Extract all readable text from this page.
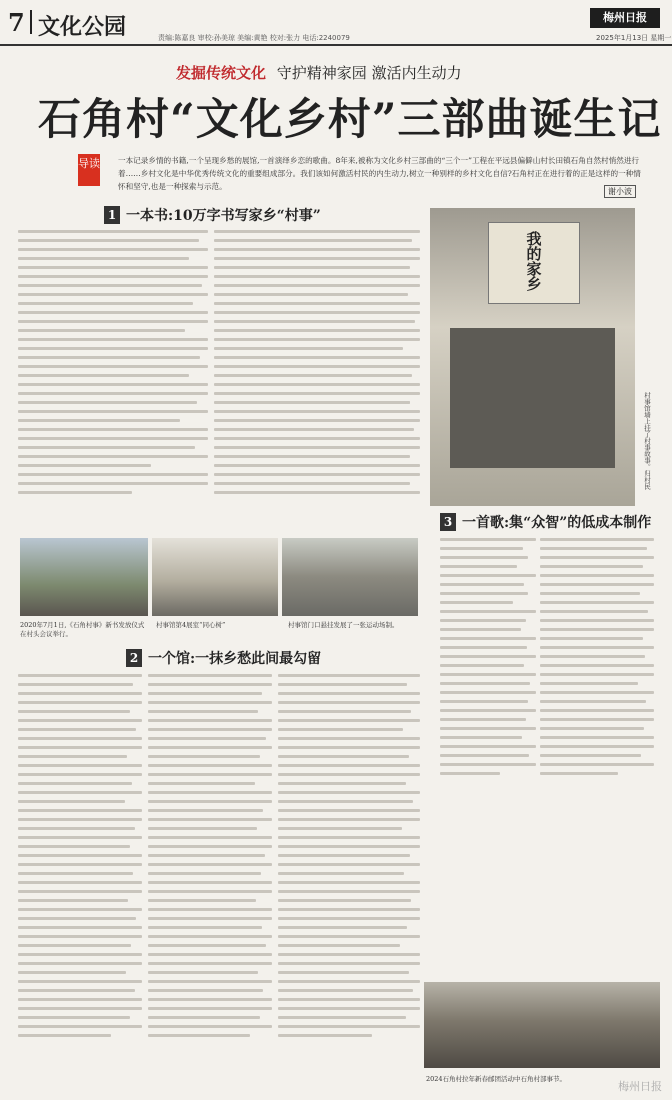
7 文化公园	责编:陈嘉良 审校:孙美琼 美编:黄艳 校对:张力 电话:2240079
梅州日报
2025年1月13日 星期一
发掘传统文化 守护精神家园 激活内生动力
石角村“文化乡村”三部曲诞生记
导读 一本记录乡情的书籍,一个呈现乡愁的展馆,一首演绎乡恋的歌曲。8年来,被称为文化乡村三部曲的“三个一”工程在平远县偏僻山村长田镇石角自然村悄然进行着……乡村文化是中华优秀传统文化的重要组成部分。我们该如何激活村民的内生动力,树立一种别样的乡村文化自信?石角村正在进行着的正是这样的一种情怀和坚守,也是一种探索与示范。
谢小波
1 一本书:10万字书写家乡“村事”
我的家乡
村事馆墙上挂了村事故事。归村民
3 一首歌:集“众智”的低成本制作
2020年7月1日,《石角村事》新书发放仪式在村头会议举行。
村事馆第4展室“同心树”	村事馆门口悬挂发展了一张运动场制。
2 一个馆:一抹乡愁此间最勾留
2024石角村拉年新春邮团活动中石角村部事节。
梅州日报
